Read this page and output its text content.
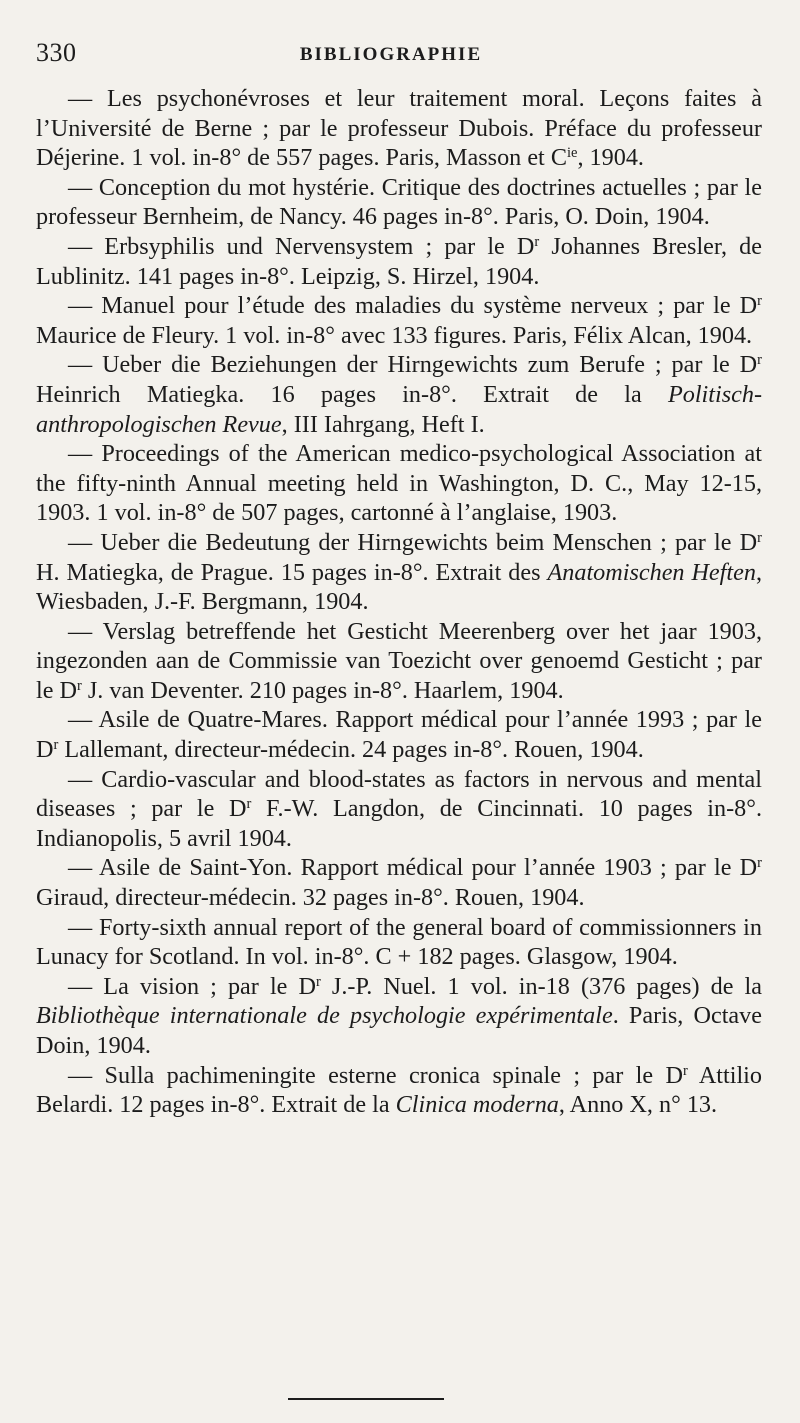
330	BIBLIOGRAPHIE

— Les psychonévroses et leur traitement moral. Leçons faites à l’Université de Berne ; par le professeur Dubois. Préface du professeur Déjerine. 1 vol. in-8° de 557 pages. Paris, Masson et $C^{ie}$, 1904.

— Conception du mot hystérie. Critique des doctrines actuelles ; par le professeur Bernheim, de Nancy. 46 pages in-8°. Paris, O. Doin, 1904.

— Erbsyphilis und Nervensystem ; par le $D^r$ Johannes Bresler, de Lublinitz. 141 pages in-8°. Leipzig, S. Hirzel, 1904.

— Manuel pour l’étude des maladies du système nerveux ; par le $D^r$ Maurice de Fleury. 1 vol. in-8° avec 133 figures. Paris, Félix Alcan, 1904.

— Ueber die Beziehungen der Hirngewichts zum Berufe ; par le $D^r$ Heinrich Matiegka. 16 pages in-8°. Extrait de la Politisch-anthropologischen Revue, III Iahrgang, Heft I.

— Proceedings of the American medico-psychological Association at the fifty-ninth Annual meeting held in Washington, D. C., May 12-15, 1903. 1 vol. in-8° de 507 pages, cartonné à l’anglaise, 1903.

— Ueber die Bedeutung der Hirngewichts beim Menschen ; par le $D^r$ H. Matiegka, de Prague. 15 pages in-8°. Extrait des Anatomischen Heften, Wiesbaden, J.-F. Bergmann, 1904.

— Verslag betreffende het Gesticht Meerenberg over het jaar 1903, ingezonden aan de Commissie van Toezicht over genoemd Gesticht ; par le $D^r$ J. van Deventer. 210 pages in-8°. Haarlem, 1904.

— Asile de Quatre-Mares. Rapport médical pour l’année 1993 ; par le $D^r$ Lallemant, directeur-médecin. 24 pages in-8°. Rouen, 1904.

— Cardio-vascular and blood-states as factors in nervous and mental diseases ; par le $D^r$ F.-W. Langdon, de Cincinnati. 10 pages in-8°. Indianopolis, 5 avril 1904.

— Asile de Saint-Yon. Rapport médical pour l’année 1903 ; par le $D^r$ Giraud, directeur-médecin. 32 pages in-8°. Rouen, 1904.

— Forty-sixth annual report of the general board of commissionners in Lunacy for Scotland. In vol. in-8°. C + 182 pages. Glasgow, 1904.

— La vision ; par le $D^r$ J.-P. Nuel. 1 vol. in-18 (376 pages) de la Bibliothèque internationale de psychologie expérimentale. Paris, Octave Doin, 1904.

— Sulla pachimeningite esterne cronica spinale ; par le $D^r$ Attilio Belardi. 12 pages in-8°. Extrait de la Clinica moderna, Anno X, n° 13.
